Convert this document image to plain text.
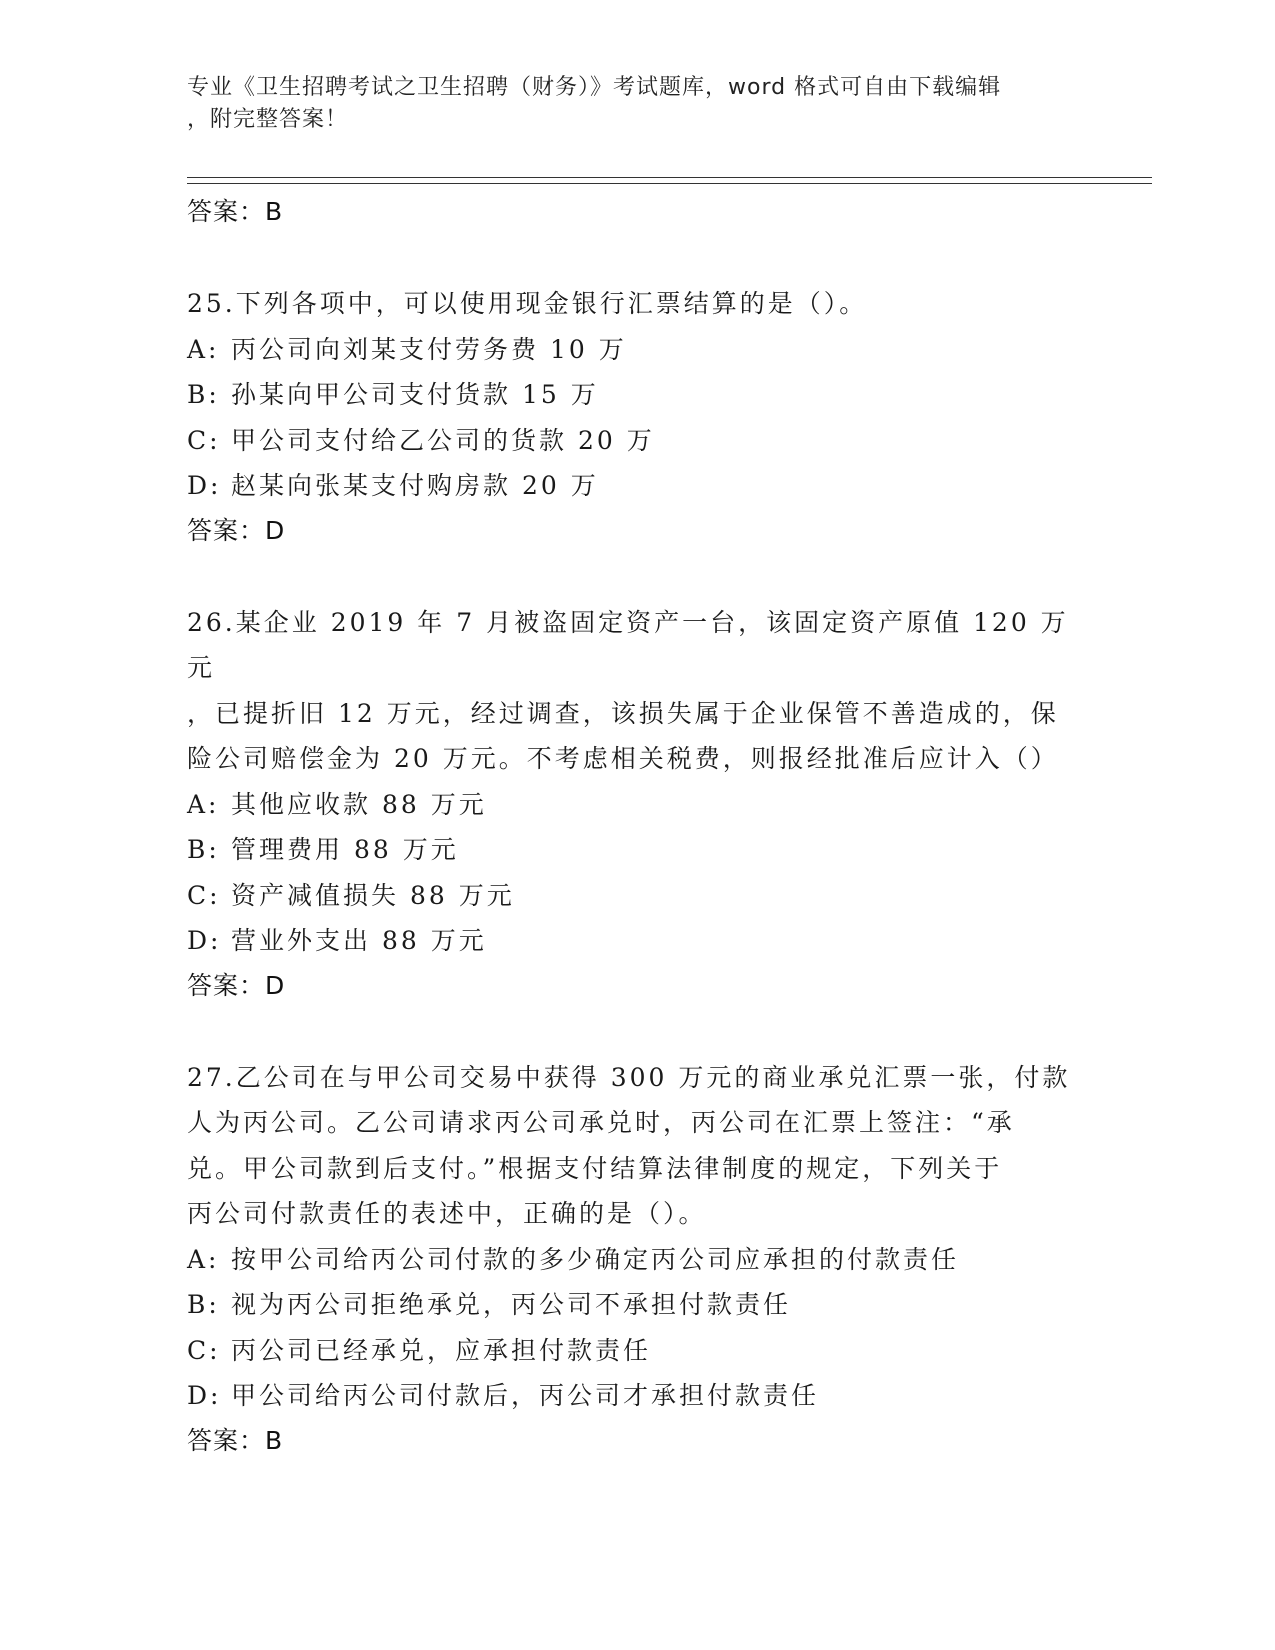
专业《卫生招聘考试之卫生招聘（财务）》考试题库，word 格式可自由下载编辑
，附完整答案！
答案：B
25.下列各项中，可以使用现金银行汇票结算的是（）。
A: 丙公司向刘某支付劳务费 10 万
B: 孙某向甲公司支付货款 15 万
C: 甲公司支付给乙公司的货款 20 万
D: 赵某向张某支付购房款 20 万
答案：D
26.某企业 2019 年 7 月被盗固定资产一台，该固定资产原值 120 万元
，已提折旧 12 万元，经过调查，该损失属于企业保管不善造成的，保
险公司赔偿金为 20 万元。不考虑相关税费，则报经批准后应计入（）
A: 其他应收款 88 万元
B: 管理费用 88 万元
C: 资产减值损失 88 万元
D: 营业外支出 88 万元
答案：D
27.乙公司在与甲公司交易中获得 300 万元的商业承兑汇票一张，付款
人为丙公司。乙公司请求丙公司承兑时，丙公司在汇票上签注：“承
兑。甲公司款到后支付。”根据支付结算法律制度的规定，下列关于
丙公司付款责任的表述中，正确的是（）。
A: 按甲公司给丙公司付款的多少确定丙公司应承担的付款责任
B: 视为丙公司拒绝承兑，丙公司不承担付款责任
C: 丙公司已经承兑，应承担付款责任
D: 甲公司给丙公司付款后，丙公司才承担付款责任
答案：B
